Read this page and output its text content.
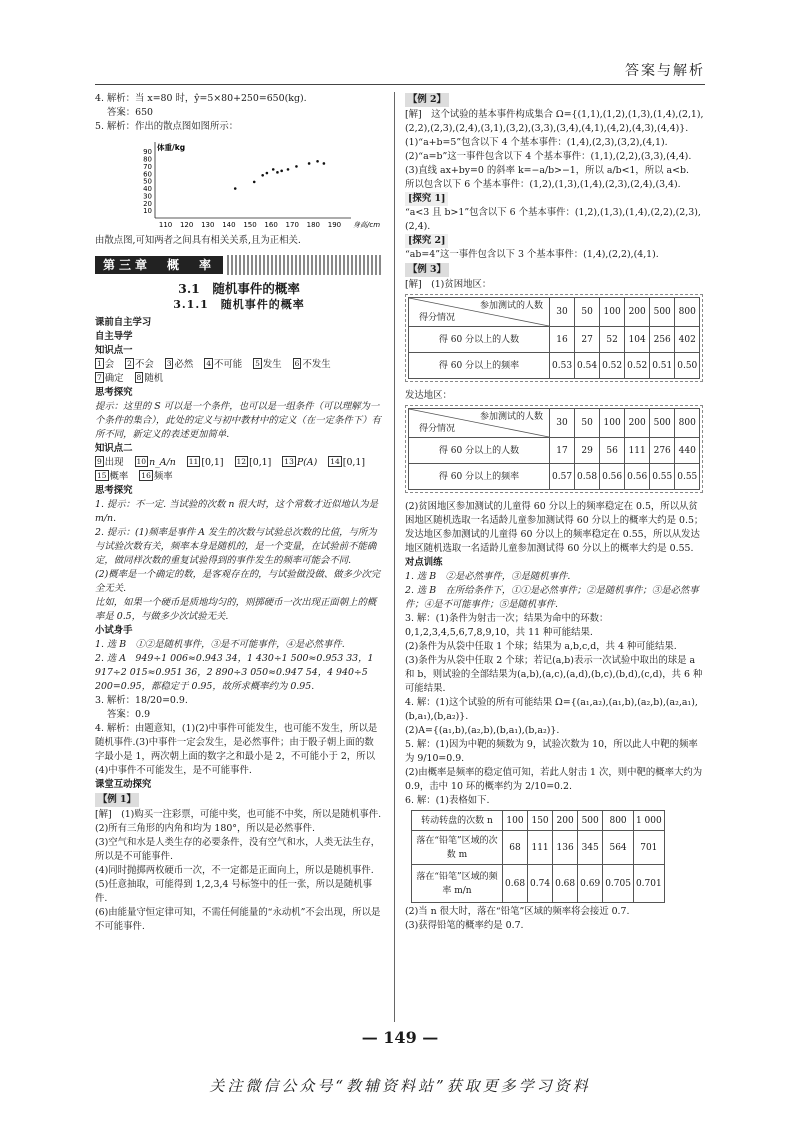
答案与解析

4. 解析：当 x=80 时，ŷ=5×80+250=650(kg).

答案：650

5. 解析：作出的散点图如图所示：

110 120 130 140 150 160 170 180 190
10
20
30
40
50
60
70
80
90
体重/kg
身高/cm

由散点图,可知两者之间具有相关关系,且为正相关.

第三章　概　率
3.1　随机事件的概率
3.1.1　随机事件的概率

课前自主学习

自主导学

知识点一

1 会 2 不会 3 必然 4 不可能 5 发生 6 不发生

7 确定 8 随机

思考探究

提示：这里的 S 可以是一个条件，也可以是一组条件（可以理解为一个条件的集合），此处的定义与初中教材中的定义（在一定条件下）有所不同，新定义的表述更加简单.

知识点二

9 出现 10 n_A/n 11 [0,1] 12 [0,1] 13 P(A) 14 [0,1]

15 概率 16 频率

思考探究

1. 提示：不一定. 当试验的次数 n 很大时，这个常数才近似地认为是 m/n.

2. 提示：(1)频率是事件 A 发生的次数与试验总次数的比值，与所为与试验次数有关，频率本身是随机的，是一个变量，在试验前不能确定，做同样次数的重复试验得到的事件发生的频率可能会不同.

(2)概率是一个确定的数，是客观存在的，与试验做没做、做多少次完全无关.

比如，如果一个硬币是质地均匀的，则掷硬币一次出现正面朝上的概率是 0.5，与做多少次试验无关.

小试身手

1. 选 B　①②是随机事件，③是不可能事件，④是必然事件.

2. 选 A　949÷1 006≈0.943 34，1 430÷1 500≈0.953 33，1 917÷2 015≈0.951 36，2 890÷3 050≈0.947 54，4 940÷5 200=0.95，都稳定于 0.95，故所求概率约为 0.95.

3. 解析：18/20=0.9.

答案：0.9

4. 解析：由题意知，(1)(2)中事件可能发生，也可能不发生，所以是随机事件.(3)中事件一定会发生，是必然事件；由于骰子朝上面的数字最小是 1，两次朝上面的数字之和最小是 2，不可能小于 2，所以(4)中事件不可能发生，是不可能事件.

课堂互动探究

【例 1】

[解]　(1)购买一注彩票，可能中奖，也可能不中奖，所以是随机事件.

(2)所有三角形的内角和均为 180°，所以是必然事件.

(3)空气和水是人类生存的必要条件，没有空气和水，人类无法生存，所以是不可能事件.

(4)同时抛掷两枚硬币一次，不一定都是正面向上，所以是随机事件.

(5)任意抽取，可能得到 1,2,3,4 号标签中的任一张，所以是随机事件.

(6)由能量守恒定律可知，不需任何能量的“永动机”不会出现，所以是不可能事件.

【例 2】

[解]　这个试验的基本事件构成集合 Ω={(1,1),(1,2),(1,3),(1,4),(2,1),(2,2),(2,3),(2,4),(3,1),(3,2),(3,3),(3,4),(4,1),(4,2),(4,3),(4,4)}.

(1)“a+b=5”包含以下 4 个基本事件：(1,4),(2,3),(3,2),(4,1).

(2)“a=b”这一事件包含以下 4 个基本事件：(1,1),(2,2),(3,3),(4,4).

(3)直线 ax+by=0 的斜率 k=−a/b>−1，所以 a/b<1，所以 a<b.

所以包含以下 6 个基本事件：(1,2),(1,3),(1,4),(2,3),(2,4),(3,4).

[探究 1]

“a<3 且 b>1”包含以下 6 个基本事件：(1,2),(1,3),(1,4),(2,2),(2,3),(2,4).

[探究 2]

“ab=4”这一事件包含以下 3 个基本事件：(1,4),(2,2),(4,1).

【例 3】

[解]　(1)贫困地区：

参加测试的人数
得分情况	30	50	100	200	500	800
得 60 分以上的人数	16	27	52	104	256	402
得 60 分以上的频率	0.53	0.54	0.52	0.52	0.51	0.50

发达地区：

参加测试的人数
得分情况	30	50	100	200	500	800
得 60 分以上的人数	17	29	56	111	276	440
得 60 分以上的频率	0.57	0.58	0.56	0.56	0.55	0.55

(2)贫困地区参加测试的儿童得 60 分以上的频率稳定在 0.5，所以从贫困地区随机选取一名适龄儿童参加测试得 60 分以上的概率大约是 0.5；

发达地区参加测试的儿童得 60 分以上的频率稳定在 0.55，所以从发达地区随机选取一名适龄儿童参加测试得 60 分以上的概率大约是 0.55.

对点训练

1. 选 B　②是必然事件，③是随机事件.

2. 选 B　在所给条件下，①①是必然事件；②是随机事件；③是必然事件；④是不可能事件；⑤是随机事件.

3. 解：(1)条件为射击一次；结果为命中的环数：0,1,2,3,4,5,6,7,8,9,10，共 11 种可能结果.

(2)条件为从袋中任取 1 个球；结果为 a,b,c,d，共 4 种可能结果.

(3)条件为从袋中任取 2 个球；若记(a,b)表示一次试验中取出的球是 a 和 b，则试验的全部结果为(a,b),(a,c),(a,d),(b,c),(b,d),(c,d)，共 6 种可能结果.

4. 解：(1)这个试验的所有可能结果 Ω={(a₁,a₂),(a₁,b),(a₂,b),(a₂,a₁),(b,a₁),(b,a₂)}.

(2)A={(a₁,b),(a₂,b),(b,a₁),(b,a₂)}.

5. 解：(1)因为中靶的频数为 9，试验次数为 10，所以此人中靶的频率为 9/10=0.9.

(2)由概率是频率的稳定值可知，若此人射击 1 次，则中靶的概率大约为 0.9，击中 10 环的概率约为 2/10=0.2.

6. 解：(1)表格如下.

转动转盘的次数 n	100	150	200	500	800	1 000
落在“铅笔”区域的次数 m	68	111	136	345	564	701
落在“铅笔”区域的频率 m/n	0.68	0.74	0.68	0.69	0.705	0.701

(2)当 n 很大时，落在“铅笔”区域的频率将会接近 0.7.

(3)获得铅笔的概率约是 0.7.

— 149 —
关注微信公众号“教辅资料站”获取更多学习资料
